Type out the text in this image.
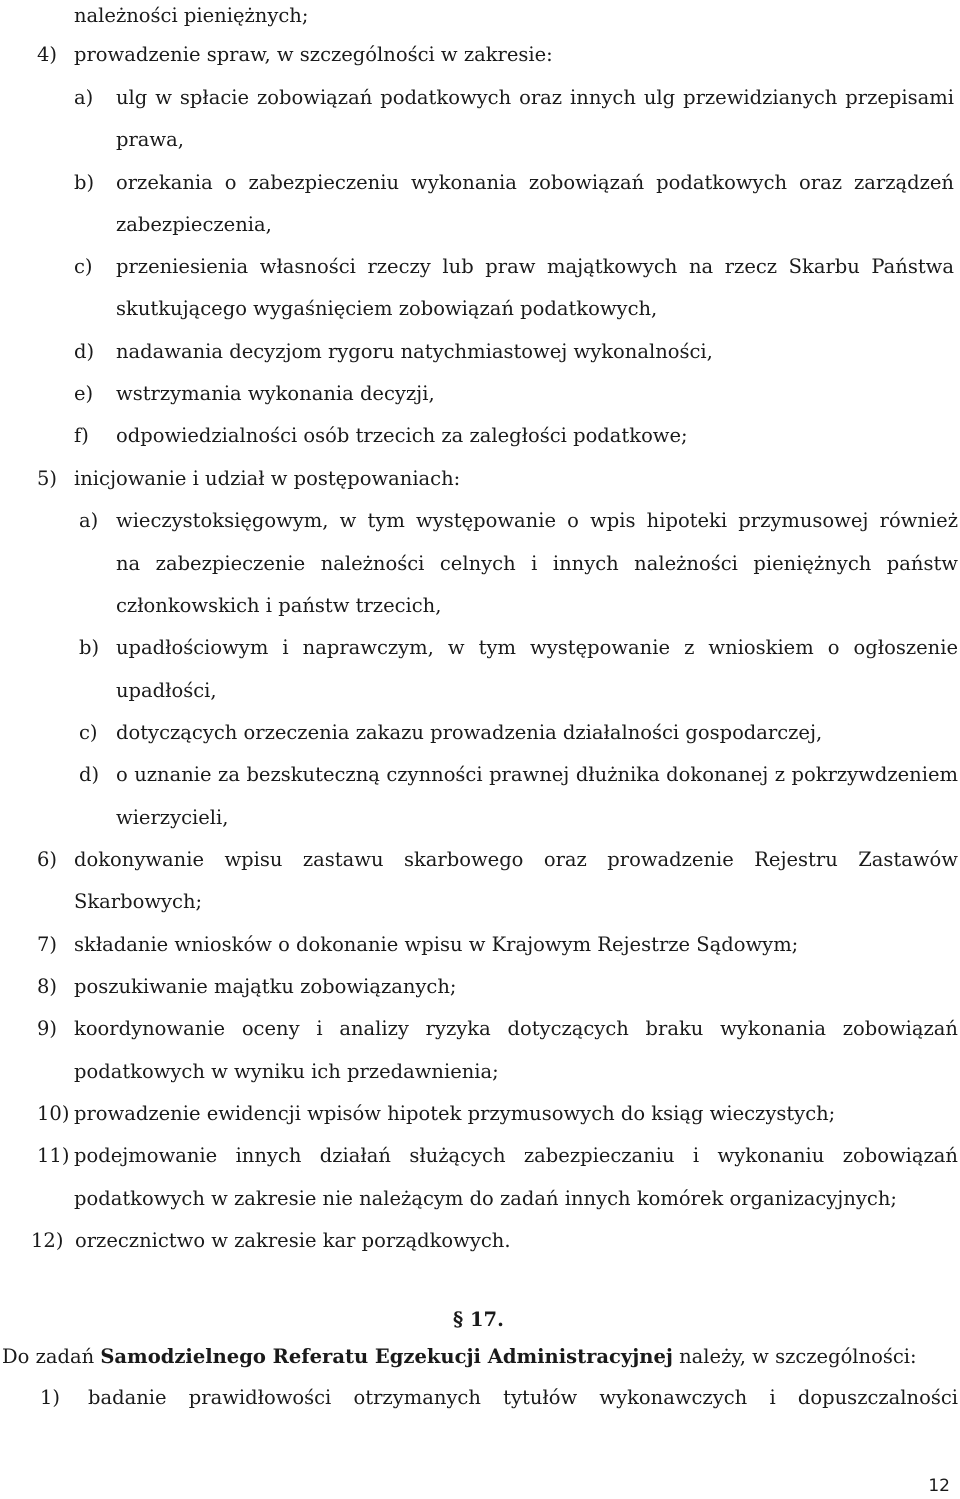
należności pieniężnych;
4) prowadzenie spraw, w szczególności w zakresie:
a) ulg w spłacie zobowiązań podatkowych oraz innych ulg przewidzianych przepisami
prawa,
b) orzekania o zabezpieczeniu wykonania zobowiązań podatkowych oraz zarządzeń
zabezpieczenia,
c) przeniesienia własności rzeczy lub praw majątkowych na rzecz Skarbu Państwa
skutkującego wygaśnięciem zobowiązań podatkowych,
d) nadawania decyzjom rygoru natychmiastowej wykonalności,
e) wstrzymania wykonania decyzji,
f) odpowiedzialności osób trzecich za zaległości podatkowe;
5) inicjowanie i udział w postępowaniach:
a) wieczystoksięgowym, w tym występowanie o wpis hipoteki przymusowej również
na zabezpieczenie należności celnych i innych należności pieniężnych państw
członkowskich i państw trzecich,
b) upadłościowym i naprawczym, w tym występowanie z wnioskiem o ogłoszenie
upadłości,
c) dotyczących orzeczenia zakazu prowadzenia działalności gospodarczej,
d) o uznanie za bezskuteczną czynności prawnej dłużnika dokonanej z pokrzywdzeniem
wierzycieli,
6) dokonywanie wpisu zastawu skarbowego oraz prowadzenie Rejestru Zastawów
Skarbowych;
7) składanie wniosków o dokonanie wpisu w Krajowym Rejestrze Sądowym;
8) poszukiwanie majątku zobowiązanych;
9) koordynowanie oceny i analizy ryzyka dotyczących braku wykonania zobowiązań
podatkowych w wyniku ich przedawnienia;
10) prowadzenie ewidencji wpisów hipotek przymusowych do ksiąg wieczystych;
11) podejmowanie innych działań służących zabezpieczaniu i wykonaniu zobowiązań
podatkowych w zakresie nie należącym do zadań innych komórek organizacyjnych;
12) orzecznictwo w zakresie kar porządkowych.
§ 17.
Do zadań Samodzielnego Referatu Egzekucji Administracyjnej należy, w szczególności:
1) badanie prawidłowości otrzymanych tytułów wykonawczych i dopuszczalności
12
